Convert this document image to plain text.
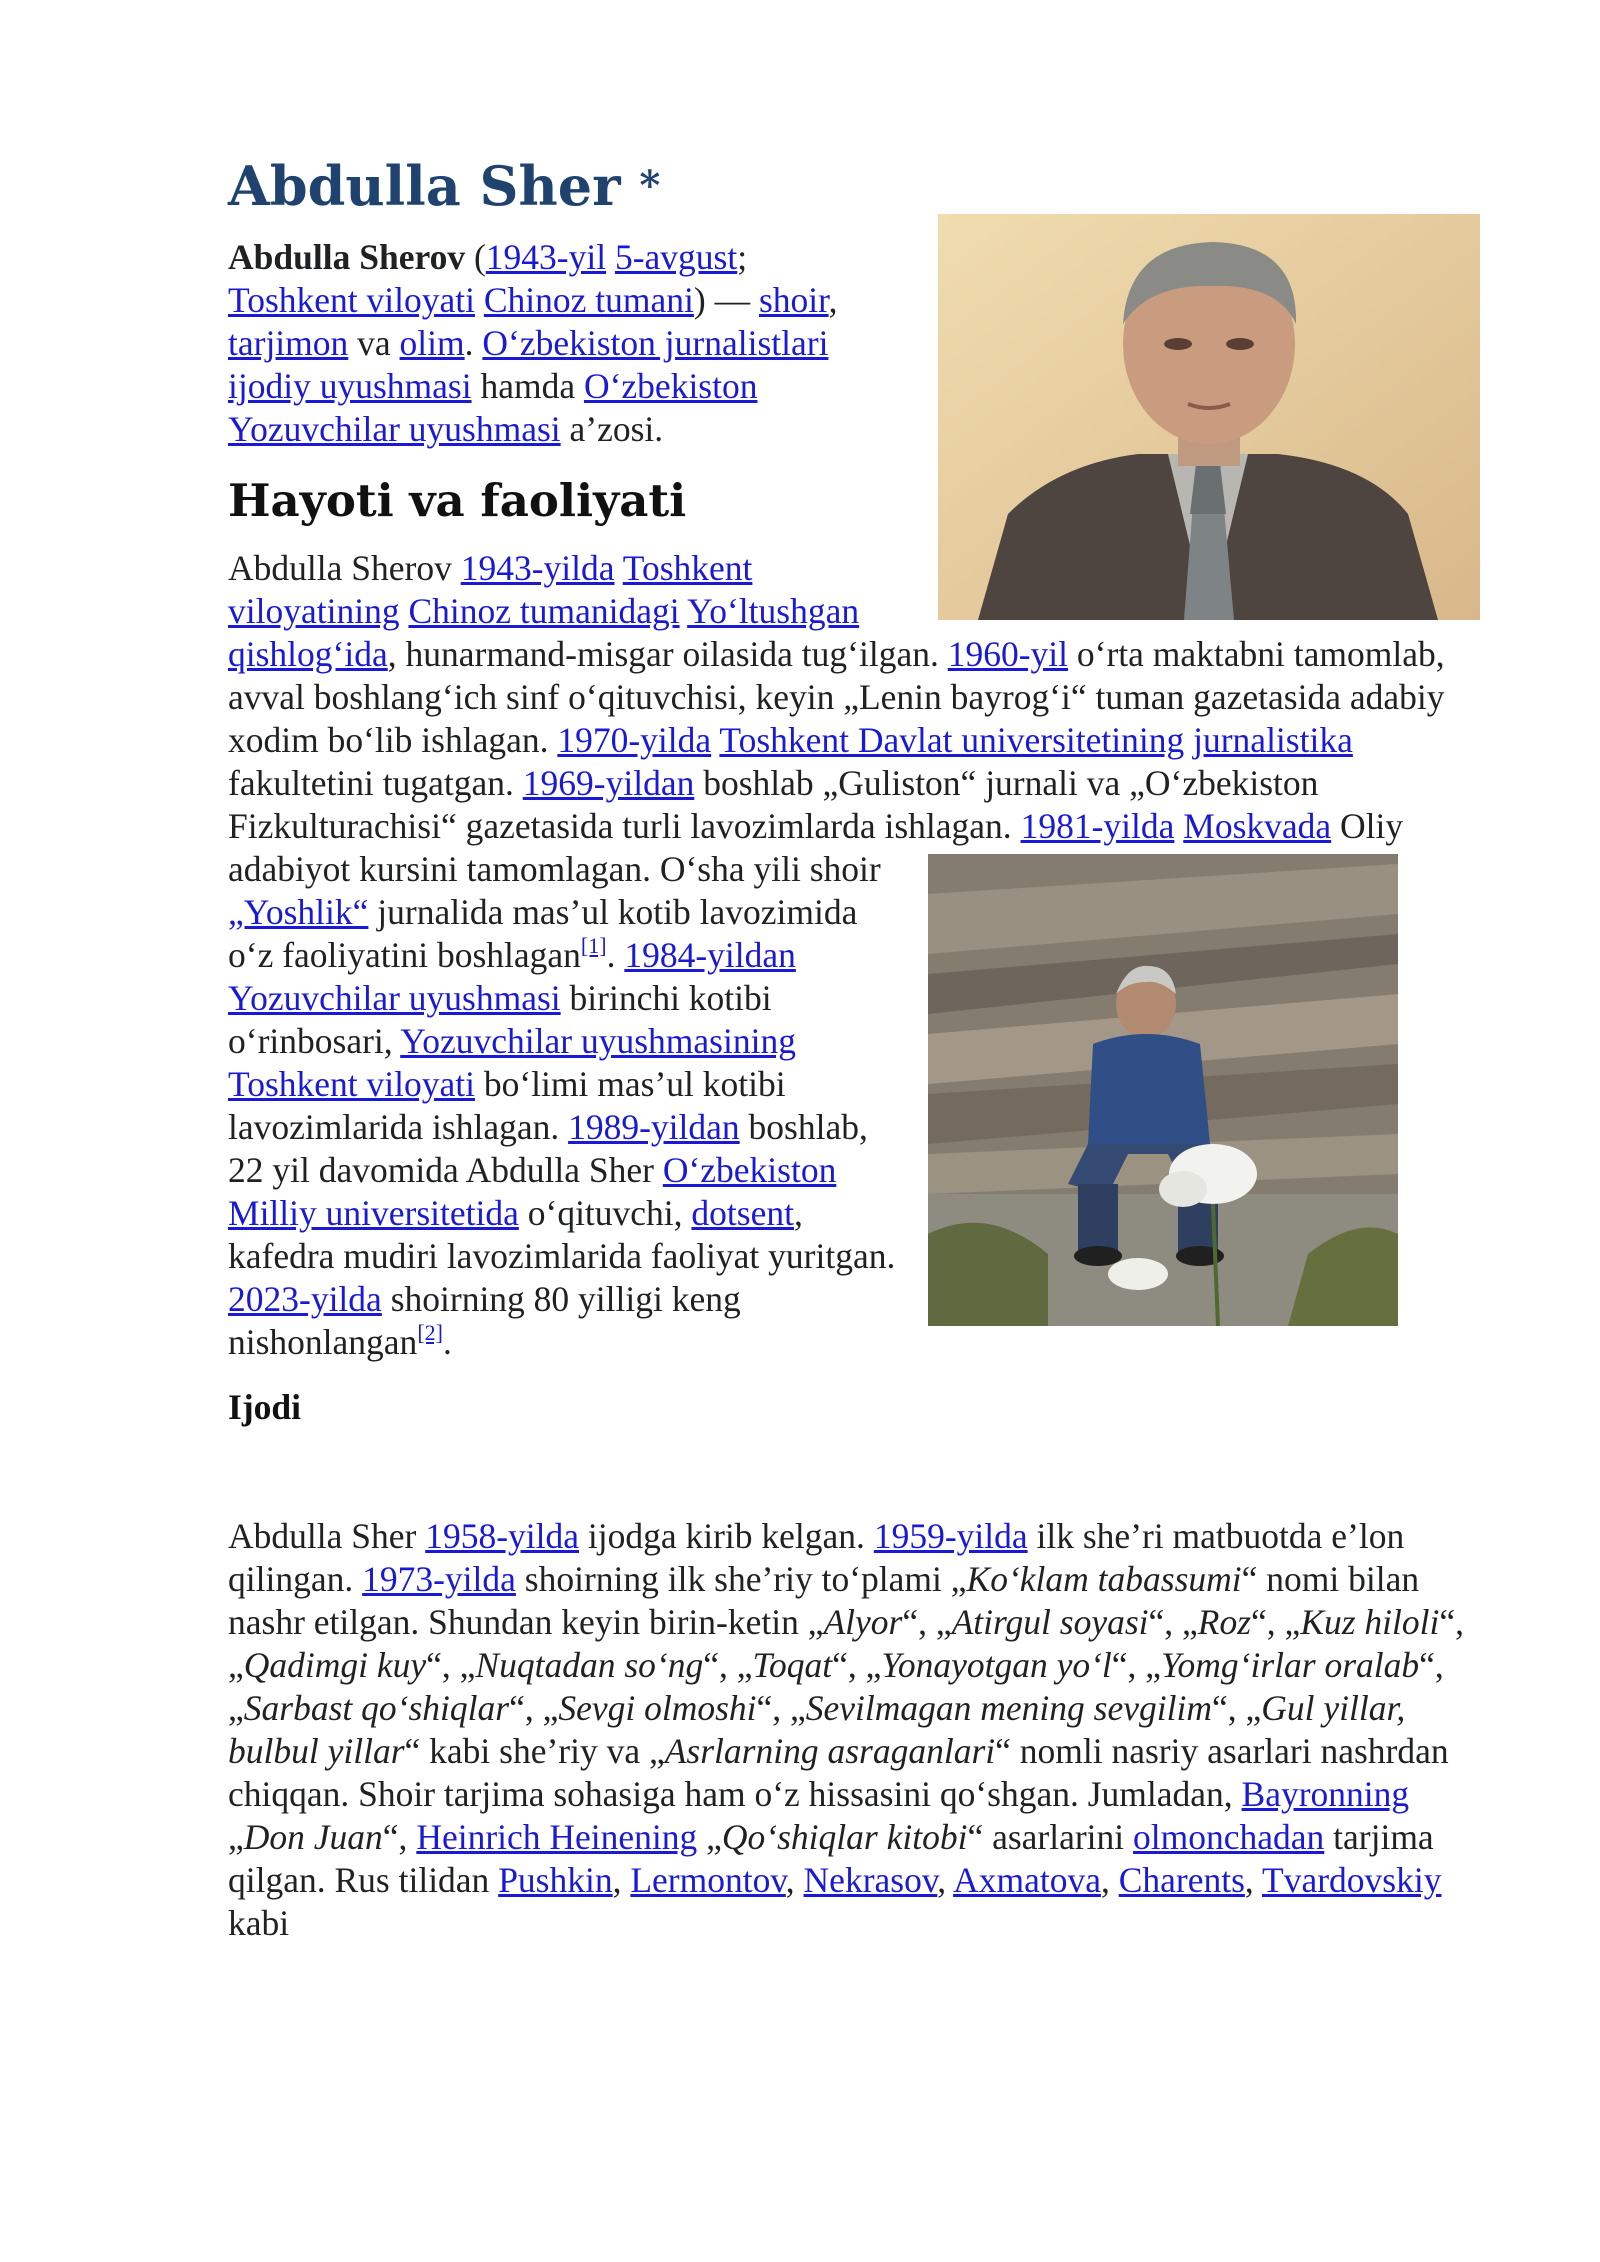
Abdulla Sher *

Abdulla Sherov (1943-yil 5-avgust; Toshkent viloyati Chinoz tumani) — shoir, tarjimon va olim. O‘zbekiston jurnalistlari ijodiy uyushmasi hamda O‘zbekiston Yozuvchilar uyushmasi a’zosi.

Hayoti va faoliyati

Abdulla Sherov 1943-yilda Toshkent viloyatining Chinoz tumanidagi Yo‘ltushgan qishlog‘ida, hunarmand-misgar oilasida tug‘ilgan. 1960-yil o‘rta maktabni tamomlab, avval boshlang‘ich sinf o‘qituvchisi, keyin „Lenin bayrog‘i“ tuman gazetasida adabiy xodim bo‘lib ishlagan. 1970-yilda Toshkent Davlat universitetining jurnalistika fakultetini tugatgan. 1969-yildan boshlab „Guliston“ jurnali va „O‘zbekiston Fizkulturachisi“ gazetasida turli lavozimlarda ishlagan.
1981-yilda Moskvada Oliy adabiyot kursini tamomlagan. O‘sha yili shoir „Yoshlik“ jurnalida mas’ul kotib lavozimida o‘z faoliyatini boshlagan[1]. 1984-yildan Yozuvchilar uyushmasi birinchi kotibi o‘rinbosari, Yozuvchilar uyushmasining Toshkent viloyati bo‘limi mas’ul kotibi lavozimlarida ishlagan. 1989-yildan boshlab, 22 yil davomida Abdulla Sher O‘zbekiston Milliy universitetida o‘qituvchi, dotsent, kafedra mudiri lavozimlarida faoliyat yuritgan. 2023-yilda shoirning 80 yilligi keng nishonlangan[2].

Ijodi

Abdulla Sher 1958-yilda ijodga kirib kelgan. 1959-yilda ilk she’ri matbuotda e’lon qilingan. 1973-yilda shoirning ilk she’riy to‘plami „Ko‘klam tabassumi“ nomi bilan nashr etilgan. Shundan keyin birin-ketin „Alyor“, „Atirgul soyasi“, „Roz“, „Kuz hiloli“, „Qadimgi kuy“, „Nuqtadan so‘ng“, „Toqat“, „Yonayotgan yo‘l“, „Yomg‘irlar oralab“, „Sarbast qo‘shiqlar“, „Sevgi olmoshi“, „Sevilmagan mening sevgilim“, „Gul yillar, bulbul yillar“ kabi she’riy va „Asrlarning asraganlari“ nomli nasriy asarlari nashrdan chiqqan. Shoir tarjima sohasiga ham o‘z hissasini qo‘shgan. Jumladan, Bayronning „Don Juan“, Heinrich Heinening „Qo‘shiqlar kitobi“ asarlarini olmonchadan tarjima qilgan. Rus tilidan Pushkin, Lermontov, Nekrasov, Axmatova, Charents, Tvardovskiy kabi
